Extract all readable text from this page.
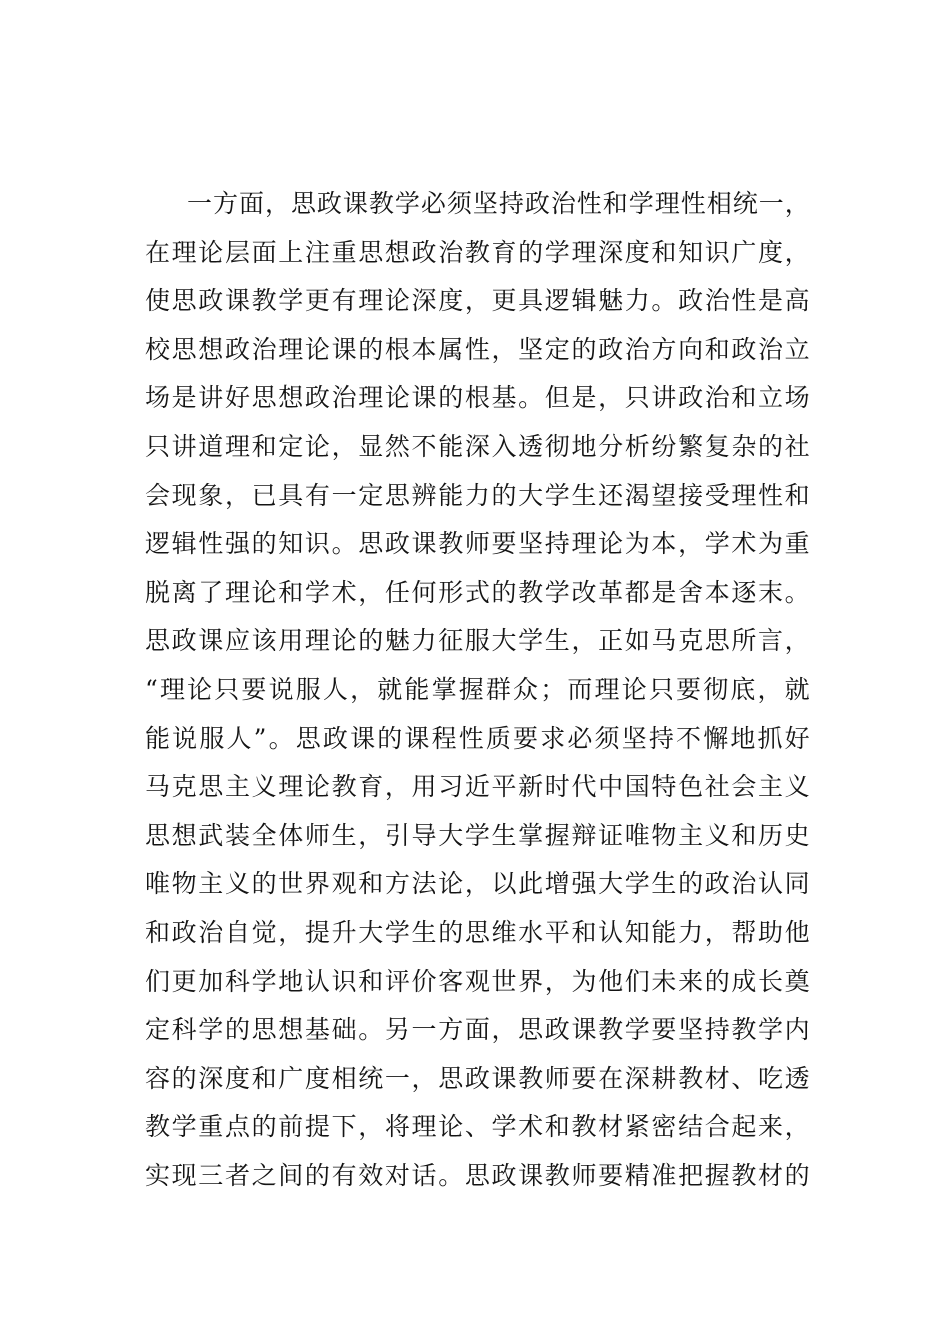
一方面，思政课教学必须坚持政治性和学理性相统一，
在理论层面上注重思想政治教育的学理深度和知识广度，
使思政课教学更有理论深度，更具逻辑魅力。政治性是高
校思想政治理论课的根本属性，坚定的政治方向和政治立
场是讲好思想政治理论课的根基。但是，只讲政治和立场
只讲道理和定论，显然不能深入透彻地分析纷繁复杂的社
会现象，已具有一定思辨能力的大学生还渴望接受理性和
逻辑性强的知识。思政课教师要坚持理论为本，学术为重
脱离了理论和学术，任何形式的教学改革都是舍本逐末。
思政课应该用理论的魅力征服大学生，正如马克思所言，
“理论只要说服人，就能掌握群众；而理论只要彻底，就
能说服人”。思政课的课程性质要求必须坚持不懈地抓好
马克思主义理论教育，用习近平新时代中国特色社会主义
思想武装全体师生，引导大学生掌握辩证唯物主义和历史
唯物主义的世界观和方法论，以此增强大学生的政治认同
和政治自觉，提升大学生的思维水平和认知能力，帮助他
们更加科学地认识和评价客观世界，为他们未来的成长奠
定科学的思想基础。另一方面，思政课教学要坚持教学内
容的深度和广度相统一，思政课教师要在深耕教材、吃透
教学重点的前提下，将理论、学术和教材紧密结合起来，
实现三者之间的有效对话。思政课教师要精准把握教材的
